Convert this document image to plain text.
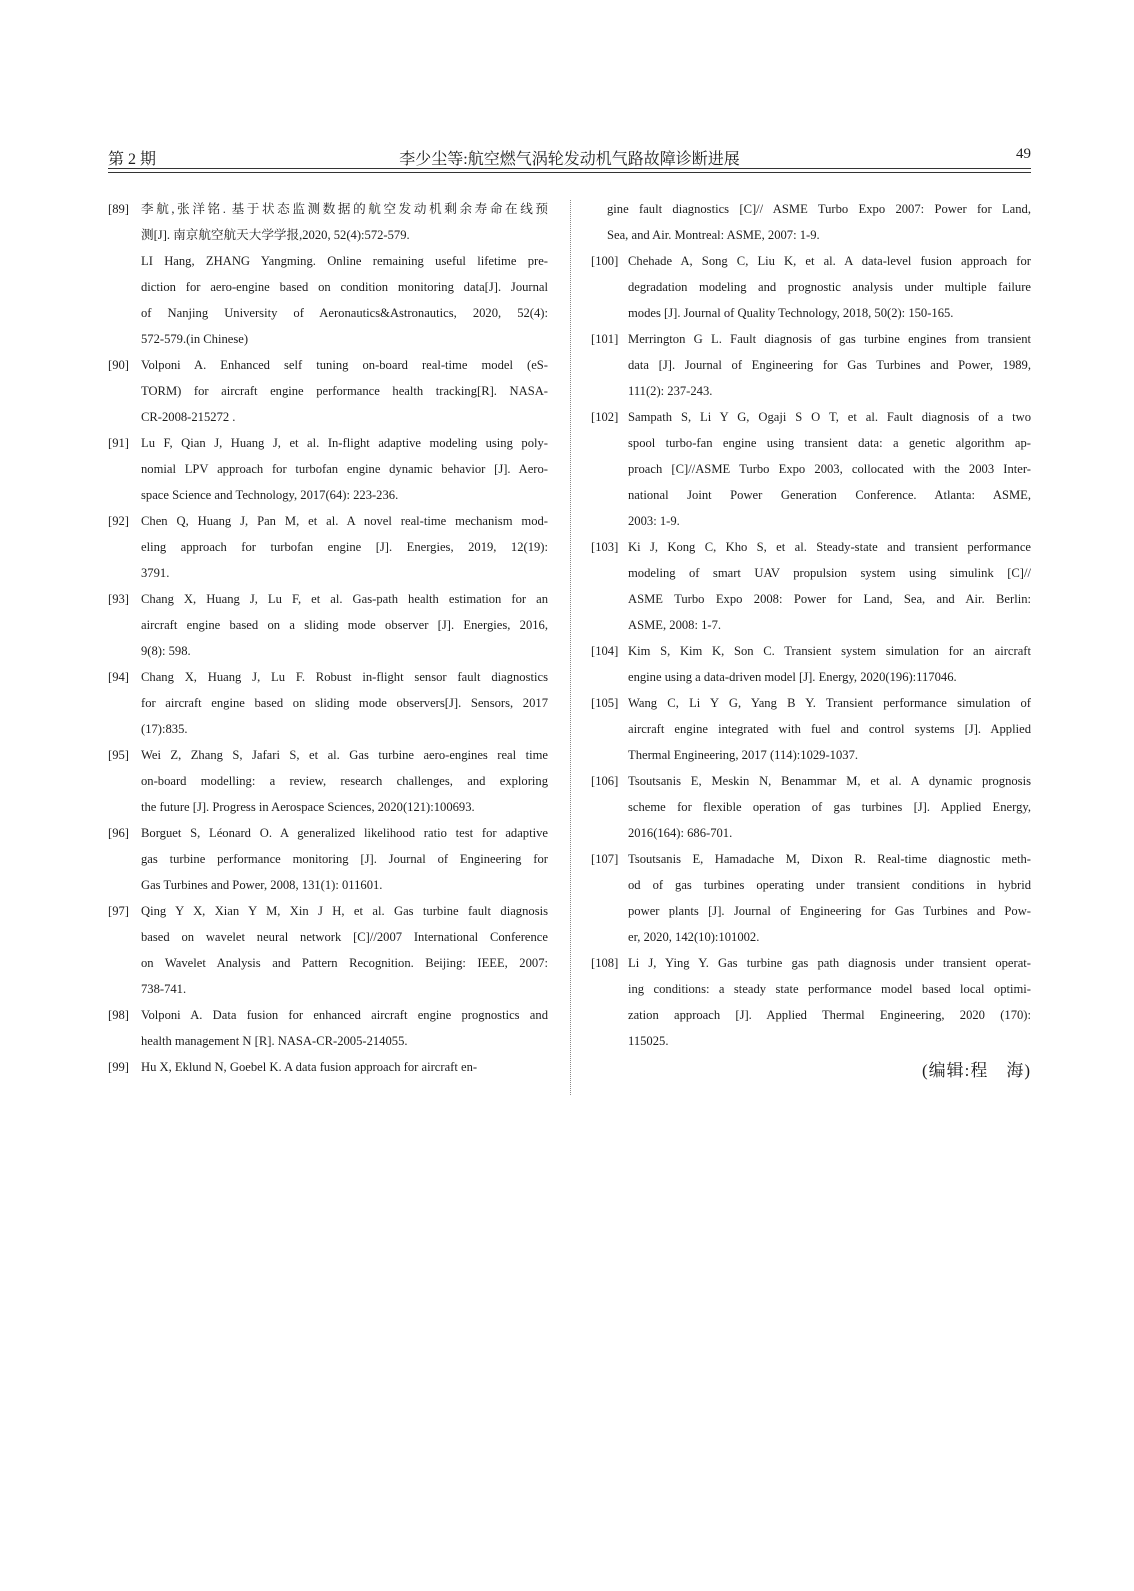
第 2 期	李少尘等:航空燃气涡轮发动机气路故障诊断进展	49
[89] 李航,张洋铭. 基于状态监测数据的航空发动机剩余寿命在线预
测[J]. 南京航空航天大学学报,2020, 52(4):572-579.
LI Hang, ZHANG Yangming. Online remaining useful lifetime pre-
diction for aero-engine based on condition monitoring data[J]. Journal
of Nanjing University of Aeronautics&Astronautics, 2020, 52(4):
572-579.(in Chinese)
[90] Volponi A. Enhanced self tuning on-board real-time model (eS-
TORM) for aircraft engine performance health tracking[R]. NASA-
CR-2008-215272 .
[91] Lu F, Qian J, Huang J, et al. In-flight adaptive modeling using poly-
nomial LPV approach for turbofan engine dynamic behavior [J]. Aero-
space Science and Technology, 2017(64): 223-236.
[92] Chen Q, Huang J, Pan M, et al. A novel real-time mechanism mod-
eling approach for turbofan engine [J]. Energies, 2019, 12(19):
3791.
[93] Chang X, Huang J, Lu F, et al. Gas-path health estimation for an
aircraft engine based on a sliding mode observer [J]. Energies, 2016,
9(8): 598.
[94] Chang X, Huang J, Lu F. Robust in-flight sensor fault diagnostics
for aircraft engine based on sliding mode observers[J]. Sensors, 2017
(17):835.
[95] Wei Z, Zhang S, Jafari S, et al. Gas turbine aero-engines real time
on-board modelling: a review, research challenges, and exploring
the future [J]. Progress in Aerospace Sciences, 2020(121):100693.
[96] Borguet S, Léonard O. A generalized likelihood ratio test for adaptive
gas turbine performance monitoring [J]. Journal of Engineering for
Gas Turbines and Power, 2008, 131(1): 011601.
[97] Qing Y X, Xian Y M, Xin J H, et al. Gas turbine fault diagnosis
based on wavelet neural network [C]//2007 International Conference
on Wavelet Analysis and Pattern Recognition. Beijing: IEEE, 2007:
738-741.
[98] Volponi A. Data fusion for enhanced aircraft engine prognostics and
health management N [R]. NASA-CR-2005-214055.
[99] Hu X, Eklund N, Goebel K. A data fusion approach for aircraft en-
gine fault diagnostics [C]// ASME Turbo Expo 2007: Power for Land,
Sea, and Air. Montreal: ASME, 2007: 1-9.
[100] Chehade A, Song C, Liu K, et al. A data-level fusion approach for
degradation modeling and prognostic analysis under multiple failure
modes [J]. Journal of Quality Technology, 2018, 50(2): 150-165.
[101] Merrington G L. Fault diagnosis of gas turbine engines from transient
data [J]. Journal of Engineering for Gas Turbines and Power, 1989,
111(2): 237-243.
[102] Sampath S, Li Y G, Ogaji S O T, et al. Fault diagnosis of a two
spool turbo-fan engine using transient data: a genetic algorithm ap-
proach [C]//ASME Turbo Expo 2003, collocated with the 2003 Inter-
national Joint Power Generation Conference. Atlanta: ASME,
2003: 1-9.
[103] Ki J, Kong C, Kho S, et al. Steady-state and transient performance
modeling of smart UAV propulsion system using simulink [C]//
ASME Turbo Expo 2008: Power for Land, Sea, and Air. Berlin:
ASME, 2008: 1-7.
[104] Kim S, Kim K, Son C. Transient system simulation for an aircraft
engine using a data-driven model [J]. Energy, 2020(196):117046.
[105] Wang C, Li Y G, Yang B Y. Transient performance simulation of
aircraft engine integrated with fuel and control systems [J]. Applied
Thermal Engineering, 2017 (114):1029-1037.
[106] Tsoutsanis E, Meskin N, Benammar M, et al. A dynamic prognosis
scheme for flexible operation of gas turbines [J]. Applied Energy,
2016(164): 686-701.
[107] Tsoutsanis E, Hamadache M, Dixon R. Real-time diagnostic meth-
od of gas turbines operating under transient conditions in hybrid
power plants [J]. Journal of Engineering for Gas Turbines and Pow-
er, 2020, 142(10):101002.
[108] Li J, Ying Y. Gas turbine gas path diagnosis under transient operat-
ing conditions: a steady state performance model based local optimi-
zation approach [J]. Applied Thermal Engineering, 2020 (170):
115025.
(编辑:程　海)
